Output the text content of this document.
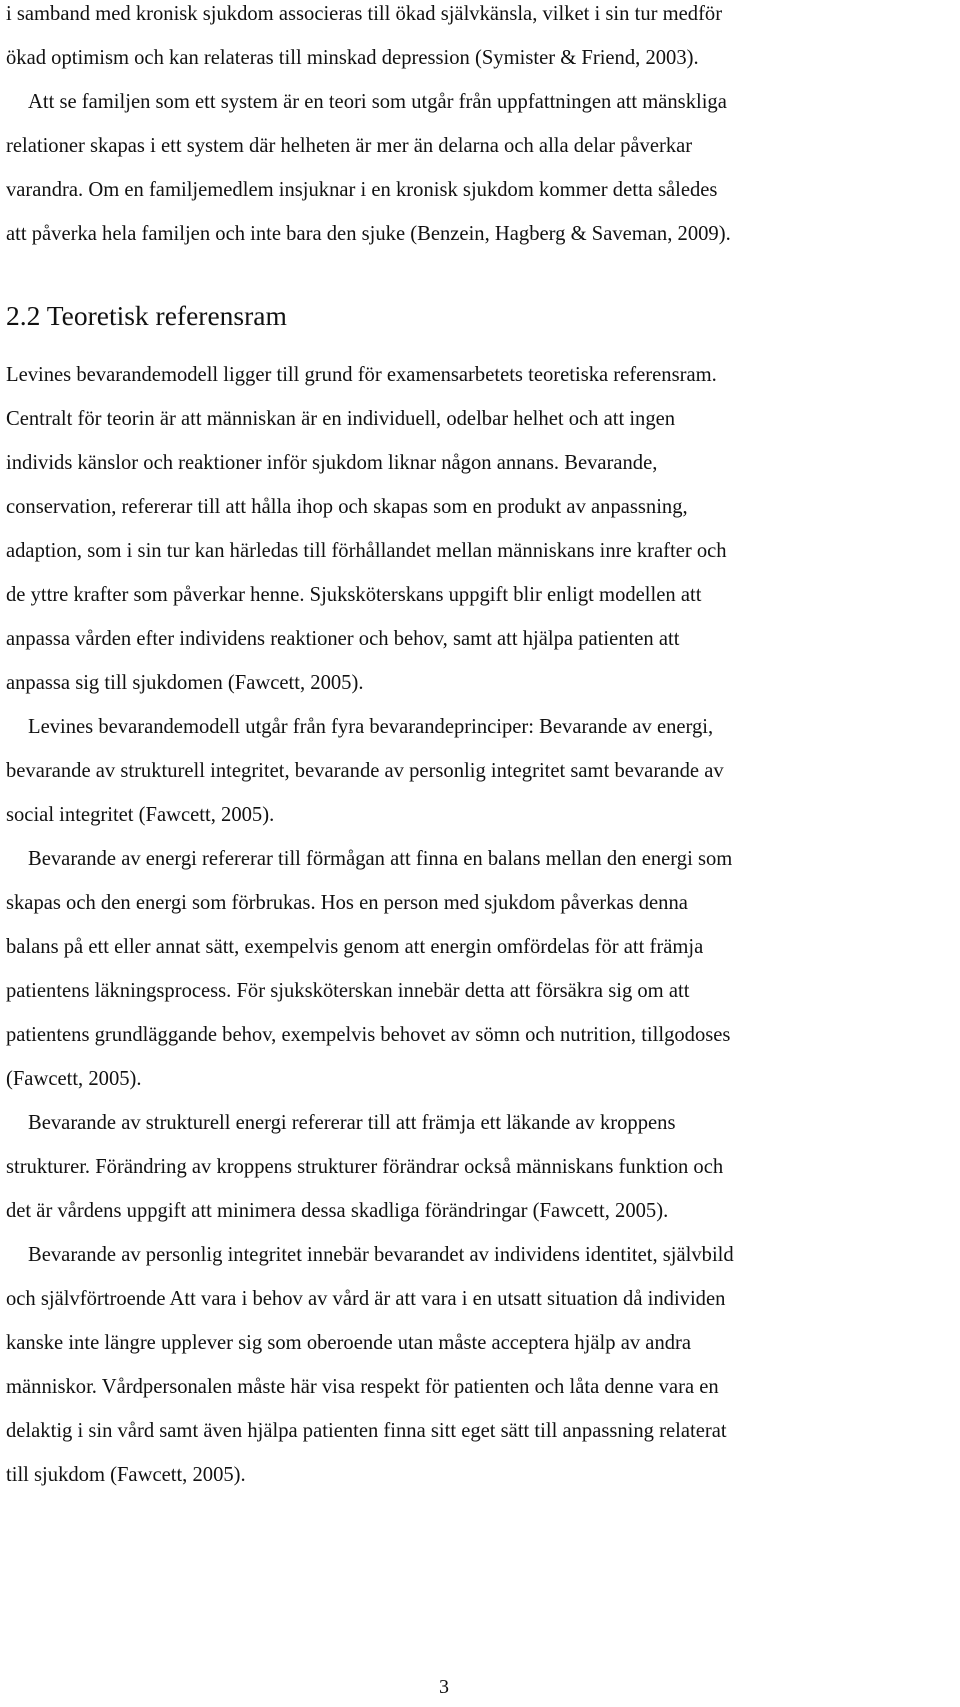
i samband med kronisk sjukdom associeras till ökad självkänsla, vilket i sin tur medför
ökad optimism och kan relateras till minskad depression (Symister & Friend, 2003).
Att se familjen som ett system är en teori som utgår från uppfattningen att mänskliga
relationer skapas i ett system där helheten är mer än delarna och alla delar påverkar
varandra. Om en familjemedlem insjuknar i en kronisk sjukdom kommer detta således
att påverka hela familjen och inte bara den sjuke (Benzein, Hagberg & Saveman, 2009).
2.2 Teoretisk referensram
Levines bevarandemodell ligger till grund för examensarbetets teoretiska referensram.
Centralt för teorin är att människan är en individuell, odelbar helhet och att ingen
individs känslor och reaktioner inför sjukdom liknar någon annans. Bevarande,
conservation, refererar till att hålla ihop och skapas som en produkt av anpassning,
adaption, som i sin tur kan härledas till förhållandet mellan människans inre krafter och
de yttre krafter som påverkar henne. Sjuksköterskans uppgift blir enligt modellen att
anpassa vården efter individens reaktioner och behov, samt att hjälpa patienten att
anpassa sig till sjukdomen (Fawcett, 2005).
Levines bevarandemodell utgår från fyra bevarandeprinciper: Bevarande av energi,
bevarande av strukturell integritet, bevarande av personlig integritet samt bevarande av
social integritet (Fawcett, 2005).
Bevarande av energi refererar till förmågan att finna en balans mellan den energi som
skapas och den energi som förbrukas. Hos en person med sjukdom påverkas denna
balans på ett eller annat sätt, exempelvis genom att energin omfördelas för att främja
patientens läkningsprocess. För sjuksköterskan innebär detta att försäkra sig om att
patientens grundläggande behov, exempelvis behovet av sömn och nutrition, tillgodoses
(Fawcett, 2005).
Bevarande av strukturell energi refererar till att främja ett läkande av kroppens
strukturer. Förändring av kroppens strukturer förändrar också människans funktion och
det är vårdens uppgift att minimera dessa skadliga förändringar (Fawcett, 2005).
Bevarande av personlig integritet innebär bevarandet av individens identitet, självbild
och självförtroende Att vara i behov av vård är att vara i en utsatt situation då individen
kanske inte längre upplever sig som oberoende utan måste acceptera hjälp av andra
människor. Vårdpersonalen måste här visa respekt för patienten och låta denne vara en
delaktig i sin vård samt även hjälpa patienten finna sitt eget sätt till anpassning relaterat
till sjukdom (Fawcett, 2005).
3
